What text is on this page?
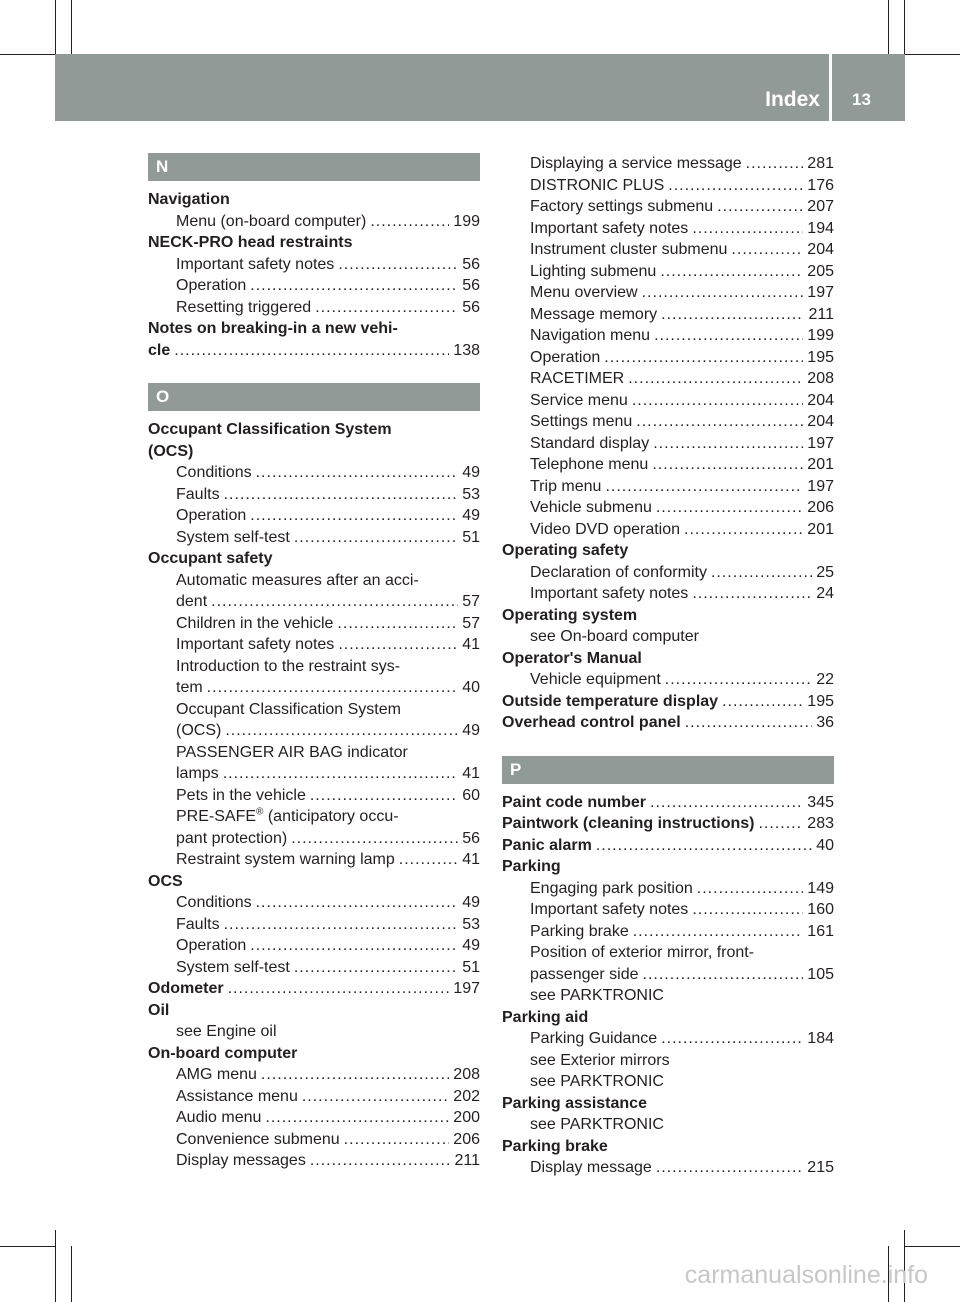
Index 13
N
Navigation
Menu (on-board computer) .....	199
NECK-PRO head restraints
Important safety notes .....	56
Operation .....	56
Resetting triggered .....	56
Notes on breaking-in a new vehi-
cle .....	138
O
Occupant Classification System
(OCS)
Conditions .....	49
Faults .....	53
Operation .....	49
System self-test .....	51
Occupant safety
Automatic measures after an acci-
dent .....	57
Children in the vehicle .....	57
Important safety notes .....	41
Introduction to the restraint sys-
tem .....	40
Occupant Classification System
(OCS) .....	49
PASSENGER AIR BAG indicator
lamps .....	41
Pets in the vehicle .....	60
PRE-SAFE® (anticipatory occu-
pant protection) .....	56
Restraint system warning lamp .....	41
OCS
Conditions .....	49
Faults .....	53
Operation .....	49
System self-test .....	51
Odometer .....	197
Oil
see Engine oil
On-board computer
AMG menu .....	208
Assistance menu .....	202
Audio menu .....	200
Convenience submenu .....	206
Display messages .....	211
Displaying a service message .....	281
DISTRONIC PLUS .....	176
Factory settings submenu .....	207
Important safety notes .....	194
Instrument cluster submenu .....	204
Lighting submenu .....	205
Menu overview .....	197
Message memory .....	211
Navigation menu .....	199
Operation .....	195
RACETIMER .....	208
Service menu .....	204
Settings menu .....	204
Standard display .....	197
Telephone menu .....	201
Trip menu .....	197
Vehicle submenu .....	206
Video DVD operation .....	201
Operating safety
Declaration of conformity .....	25
Important safety notes .....	24
Operating system
see On-board computer
Operator's Manual
Vehicle equipment .....	22
Outside temperature display .....	195
Overhead control panel .....	36
P
Paint code number .....	345
Paintwork (cleaning instructions) .....	283
Panic alarm .....	40
Parking
Engaging park position .....	149
Important safety notes .....	160
Parking brake .....	161
Position of exterior mirror, front-
passenger side .....	105
see PARKTRONIC
Parking aid
Parking Guidance .....	184
see Exterior mirrors
see PARKTRONIC
Parking assistance
see PARKTRONIC
Parking brake
Display message .....	215
carmanualsonline.info
